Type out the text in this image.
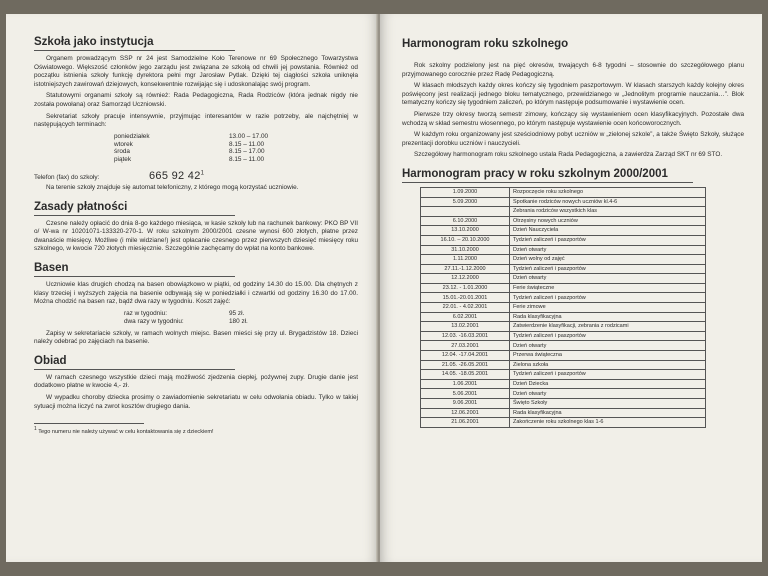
Szkoła jako instytucja

Organem prowadzącym SSP nr 24 jest Samodzielne Koło Terenowe nr 69 Społecznego Towarzystwa Oświatowego. Większość członków jego zarządu jest związana ze szkołą od chwili jej powstania. Również od początku istnienia szkoły funkcję dyrektora pełni mgr Jarosław Pytlak. Dzięki tej ciągłości szkoła uniknęła istotniejszych zawirowań dziejowych, konsekwentnie rozwijając się i udoskonalając swój program.

Statutowymi organami szkoły są również: Rada Pedagogiczna, Rada Rodziców (która jednak nigdy nie została powołana) oraz Samorząd Uczniowski.

Sekretariat szkoły pracuje intensywnie, przyjmując interesantów w razie potrzeby, ale najchętniej w następujących terminach:

poniedziałek	13.00 – 17.00
wtorek	8.15 – 11.00
środa	8.15 – 17.00
piątek	8.15 – 11.00
Telefon (fax) do szkoły:	665 92 $42^1$

Na terenie szkoły znajduje się automat telefoniczny, z którego mogą korzystać uczniowie.

Zasady płatności

Czesne należy opłacić do dnia 8-go każdego miesiąca, w kasie szkoły lub na rachunek bankowy: PKO BP VII o/ W-wa nr 10201071-133320-270-1. W roku szkolnym 2000/2001 czesne wynosi 600 złotych, płatne przez dwanaście miesięcy. Możliwe (i mile widziane!) jest opłacanie czesnego przez pierwszych dziesięć miesięcy roku szkolnego, w kwocie 720 złotych miesięcznie. Szczególnie zachęcamy do wpłat na konto bankowe.

Basen

Uczniowie klas drugich chodzą na basen obowiązkowo w piątki, od godziny 14.30 do 15.00. Dla chętnych z klasy trzeciej i wyższych zajęcia na basenie odbywają się w poniedziałki i czwartki od godziny 16.30 do 17.00. Można chodzić na basen raz, bądź dwa razy w tygodniu. Koszt zajęć:

raz w tygodniu:	95 zł.
dwa razy w tygodniu:	180 zł.

Zapisy w sekretariacie szkoły, w ramach wolnych miejsc. Basen mieści się przy ul. Brygadzistów 18. Dzieci należy odebrać po zajęciach na basenie.

Obiad

W ramach czesnego wszystkie dzieci mają możliwość zjedzenia ciepłej, pożywnej zupy. Drugie danie jest dodatkowo płatne w kwocie 4,- zł.

W wypadku choroby dziecka prosimy o zawiadomienie sekretariatu w celu odwołania obiadu. Tylko w takiej sytuacji można liczyć na zwrot kosztów drugiego dania.

$^1$ Tego numeru nie należy używać w celu kontaktowania się z dzieckiem!
Harmonogram roku szkolnego

Rok szkolny podzielony jest na pięć okresów, trwających 6-8 tygodni – stosownie do szczegółowego planu przyjmowanego corocznie przez Radę Pedagogiczną.

W klasach młodszych każdy okres kończy się tygodniem paszportowym. W klasach starszych każdy kolejny okres poświęcony jest realizacji jednego bloku tematycznego, przewidzianego w „Jednolitym programie nauczania…”. Blok tematyczny kończy się tygodniem zaliczeń, po którym następuje podsumowanie i wystawienie ocen.

Pierwsze trzy okresy tworzą semestr zimowy, kończący się wystawieniem ocen klasyfikacyjnych. Pozostałe dwa wchodzą w skład semestru wiosennego, po którym następuje wystawienie ocen końcoworocznych.

W każdym roku organizowany jest sześciodniowy pobyt uczniów w „zielonej szkole”, a także Święto Szkoły, służące prezentacji dorobku uczniów i nauczycieli.

Szczegółowy harmonogram roku szkolnego ustala Rada Pedagogiczna, a zawierdza Zarząd SKT nr 69 STO.

Harmonogram pracy w roku szkolnym 2000/2001
1.09.2000	Rozpoczęcie roku szkolnego
5.09.2000	Spotkanie rodziców nowych uczniów kl.4-6
	Zebrania rodziców wszystkich klas
6.10.2000	Otrzęsiny nowych uczniów
13.10.2000	Dzień Nauczyciela
16.10. – 20.10.2000	Tydzień zaliczeń i paszportów
31.10.2000	Dzień otwarty
1.11.2000	Dzień wolny od zajęć
27.11.-1.12.2000	Tydzień zaliczeń i paszportów
12.12.2000	Dzień otwarty
23.12. - 1.01.2000	Ferie świąteczne
15.01.-20.01.2001	Tydzień zaliczeń i paszportów
22.01. - 4.02.2001	Ferie zimowe
6.02.2001	Rada klasyfikacyjna
13.02.2001	Zatwierdzenie klasyfikacji, zebrania z rodzicami
12.03. -16.03.2001	Tydzień zaliczeń i paszportów
27.03.2001	Dzień otwarty
12.04. -17.04.2001	Przerwa świąteczna
21.05. -26.05.2001	Zielona szkoła
14.05. -18.05.2001	Tydzień zaliczeń i paszportów
1.06.2001	Dzień Dziecka
5.06.2001	Dzień otwarty
9.06.2001	Święto Szkoły
12.06.2001	Rada klasyfikacyjna
21.06.2001	Zakończenie roku szkolnego klas 1-6
